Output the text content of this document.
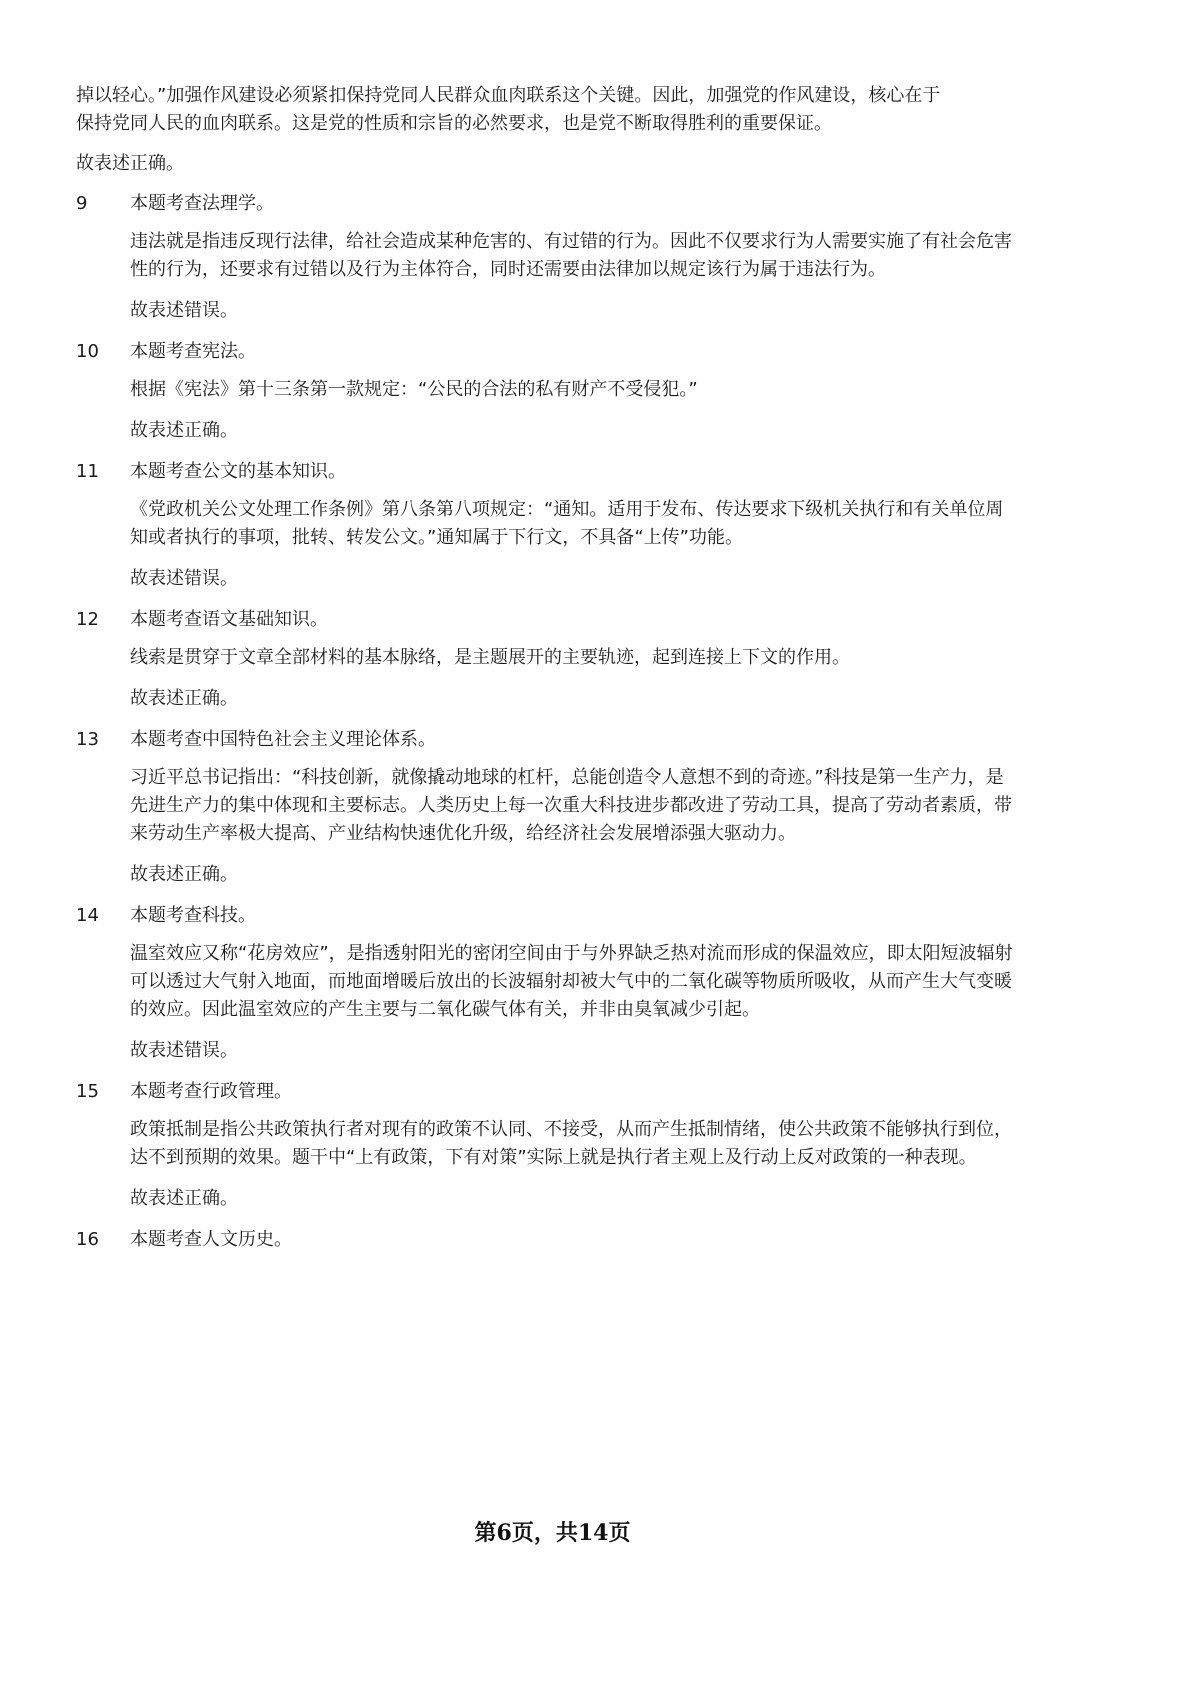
掉以轻心。”加强作风建设必须紧扣保持党同人民群众血肉联系这个关键。因此，加强党的作风建设，核心在于保持党同人民的血肉联系。这是党的性质和宗旨的必然要求，也是党不断取得胜利的重要保证。

故表述正确。

9	本题考查法理学。

违法就是指违反现行法律，给社会造成某种危害的、有过错的行为。因此不仅要求行为人需要实施了有社会危害性的行为，还要求有过错以及行为主体符合，同时还需要由法律加以规定该行为属于违法行为。

故表述错误。

10	本题考查宪法。

根据《宪法》第十三条第一款规定：“公民的合法的私有财产不受侵犯。”

故表述正确。

11	本题考查公文的基本知识。

《党政机关公文处理工作条例》第八条第八项规定：“通知。适用于发布、传达要求下级机关执行和有关单位周知或者执行的事项，批转、转发公文。”通知属于下行文，不具备“上传”功能。

故表述错误。

12	本题考查语文基础知识。

线索是贯穿于文章全部材料的基本脉络，是主题展开的主要轨迹，起到连接上下文的作用。

故表述正确。

13	本题考查中国特色社会主义理论体系。

习近平总书记指出：“科技创新，就像撬动地球的杠杆，总能创造令人意想不到的奇迹。”科技是第一生产力，是先进生产力的集中体现和主要标志。人类历史上每一次重大科技进步都改进了劳动工具，提高了劳动者素质，带来劳动生产率极大提高、产业结构快速优化升级，给经济社会发展增添强大驱动力。

故表述正确。

14	本题考查科技。

温室效应又称“花房效应”，是指透射阳光的密闭空间由于与外界缺乏热对流而形成的保温效应，即太阳短波辐射可以透过大气射入地面，而地面增暖后放出的长波辐射却被大气中的二氧化碳等物质所吸收，从而产生大气变暖的效应。因此温室效应的产生主要与二氧化碳气体有关，并非由臭氧减少引起。

故表述错误。

15	本题考查行政管理。

政策抵制是指公共政策执行者对现有的政策不认同、不接受，从而产生抵制情绪，使公共政策不能够执行到位，达不到预期的效果。题干中“上有政策，下有对策”实际上就是执行者主观上及行动上反对政策的一种表现。

故表述正确。

16	本题考查人文历史。
第6页，共14页
